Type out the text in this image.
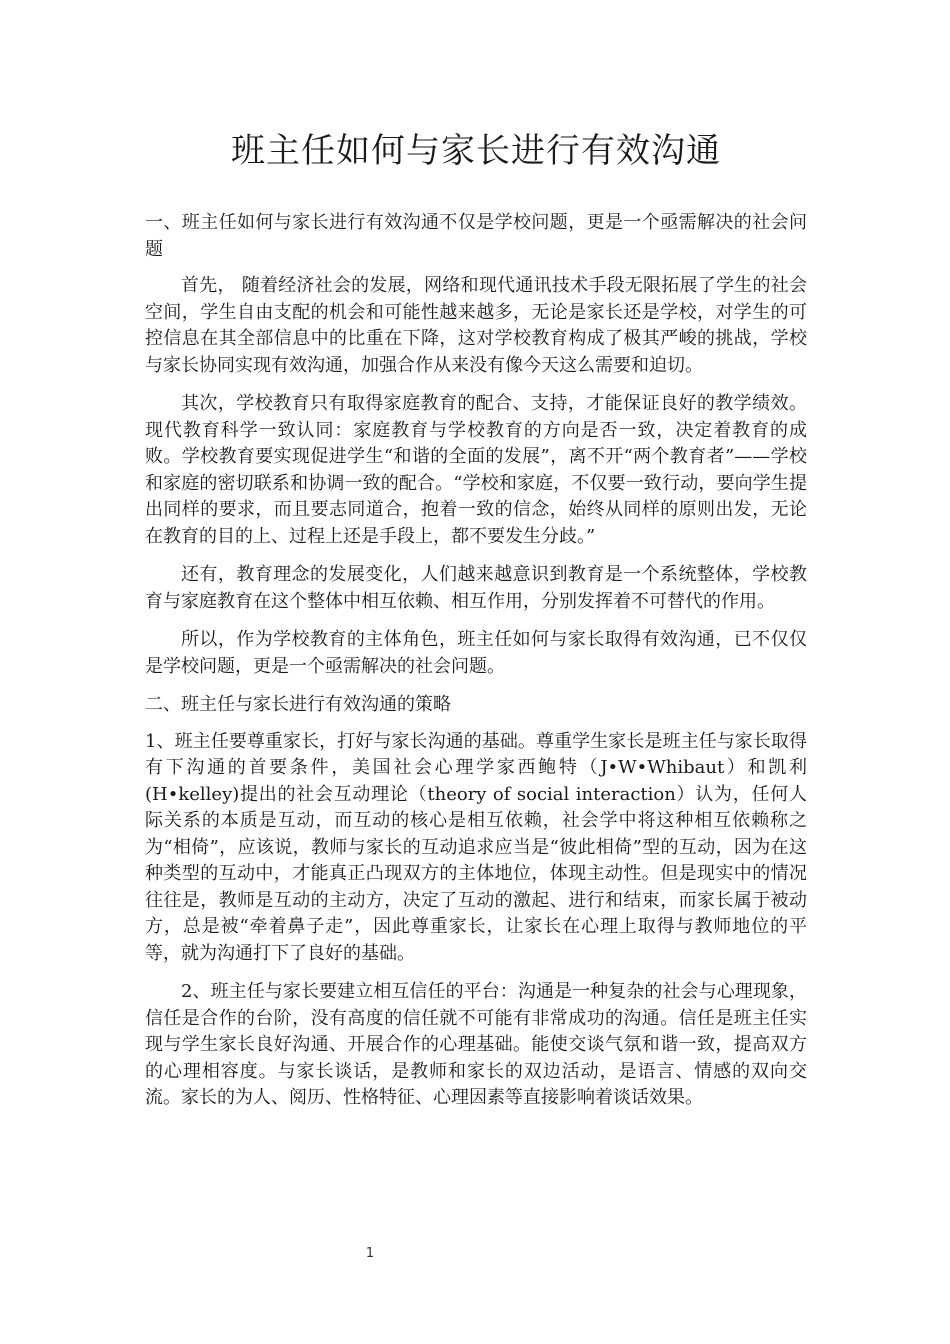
班主任如何与家长进行有效沟通

一、班主任如何与家长进行有效沟通不仅是学校问题，更是一个亟需解决的社会问题

首先， 随着经济社会的发展，网络和现代通讯技术手段无限拓展了学生的社会空间，学生自由支配的机会和可能性越来越多，无论是家长还是学校，对学生的可控信息在其全部信息中的比重在下降，这对学校教育构成了极其严峻的挑战，学校与家长协同实现有效沟通，加强合作从来没有像今天这么需要和迫切。

其次，学校教育只有取得家庭教育的配合、支持，才能保证良好的教学绩效。现代教育科学一致认同：家庭教育与学校教育的方向是否一致，决定着教育的成败。学校教育要实现促进学生“和谐的全面的发展”，离不开“两个教育者”——学校和家庭的密切联系和协调一致的配合。“学校和家庭，不仅要一致行动，要向学生提出同样的要求，而且要志同道合，抱着一致的信念，始终从同样的原则出发，无论在教育的目的上、过程上还是手段上，都不要发生分歧。”

还有，教育理念的发展变化，人们越来越意识到教育是一个系统整体，学校教育与家庭教育在这个整体中相互依赖、相互作用，分别发挥着不可替代的作用。

所以，作为学校教育的主体角色，班主任如何与家长取得有效沟通，已不仅仅是学校问题，更是一个亟需解决的社会问题。

二、班主任与家长进行有效沟通的策略

1、班主任要尊重家长，打好与家长沟通的基础。尊重学生家长是班主任与家长取得有下沟通的首要条件，美国社会心理学家西鲍特（J•W•Whibaut）和凯利(H•kelley)提出的社会互动理论（theory of social interaction）认为，任何人际关系的本质是互动，而互动的核心是相互依赖，社会学中将这种相互依赖称之为“相倚”，应该说，教师与家长的互动追求应当是“彼此相倚”型的互动，因为在这种类型的互动中，才能真正凸现双方的主体地位，体现主动性。但是现实中的情况往往是，教师是互动的主动方，决定了互动的激起、进行和结束，而家长属于被动方，总是被“牵着鼻子走”，因此尊重家长，让家长在心理上取得与教师地位的平等，就为沟通打下了良好的基础。

2、班主任与家长要建立相互信任的平台：沟通是一种复杂的社会与心理现象，信任是合作的台阶，没有高度的信任就不可能有非常成功的沟通。信任是班主任实现与学生家长良好沟通、开展合作的心理基础。能使交谈气氛和谐一致，提高双方的心理相容度。与家长谈话，是教师和家长的双边活动，是语言、情感的双向交流。家长的为人、阅历、性格特征、心理因素等直接影响着谈话效果。

1
